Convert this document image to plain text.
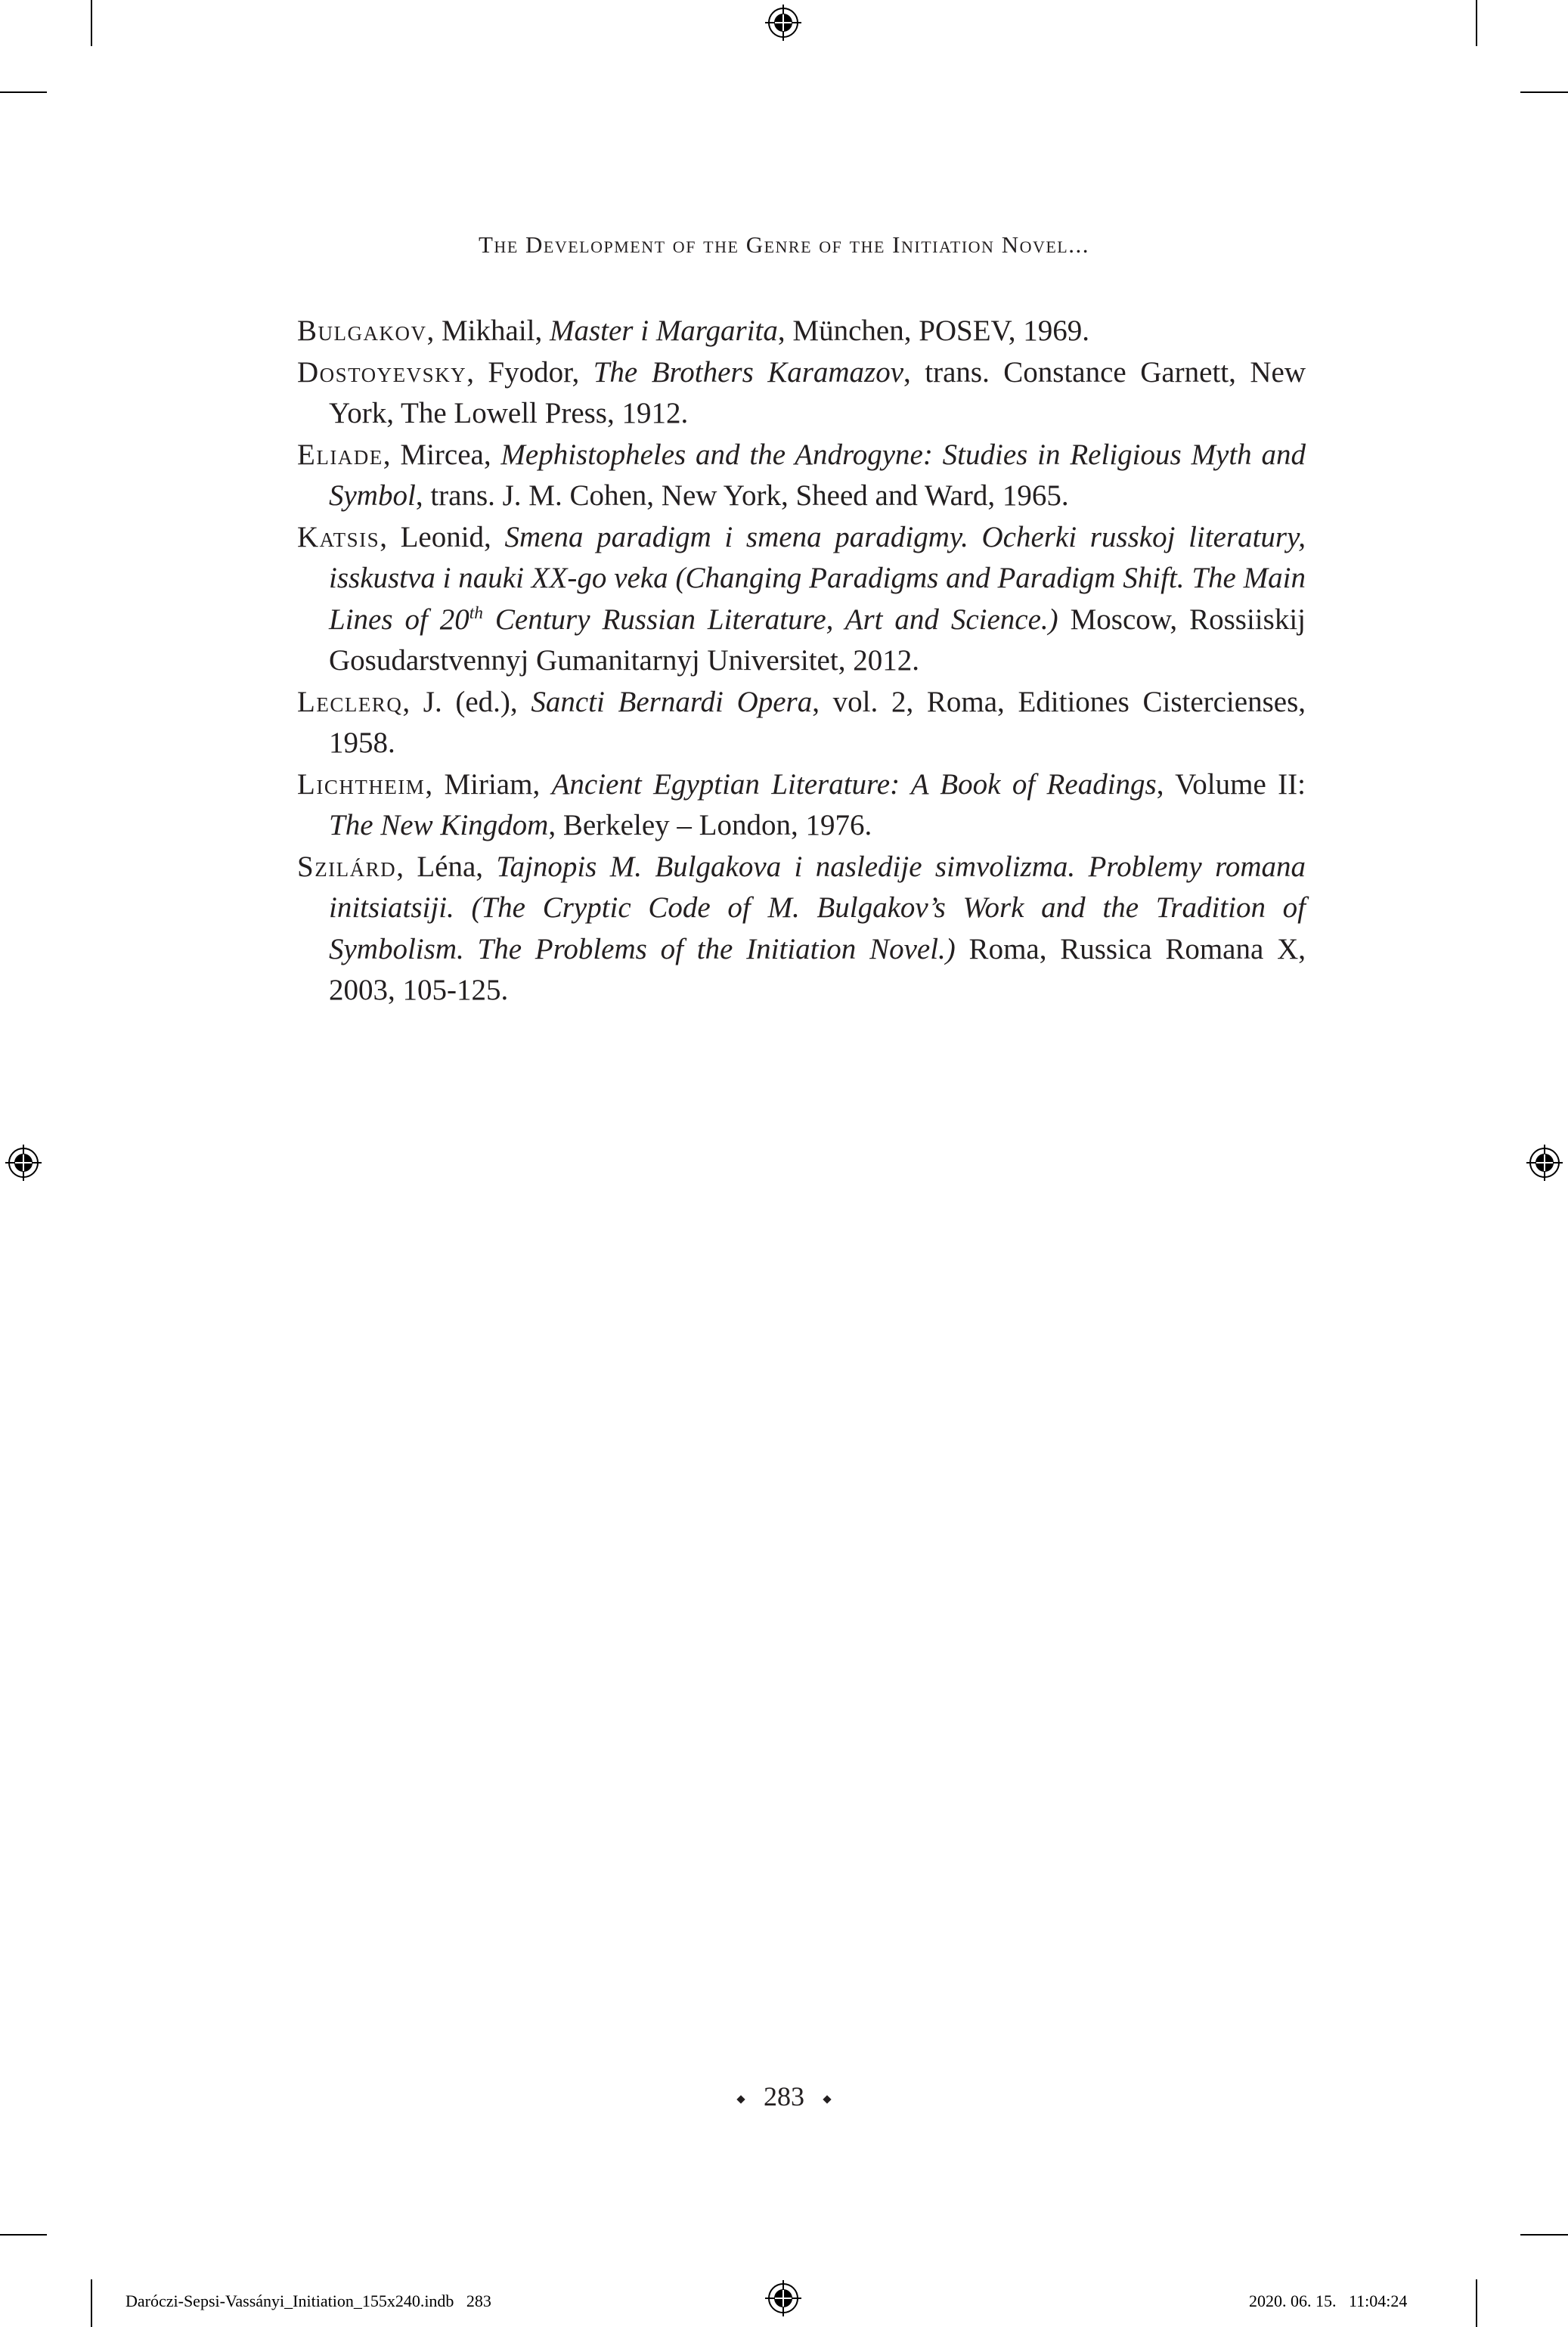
The Development of the Genre of the Initiation Novel...

Bulgakov, Mikhail, Master i Margarita, München, POSEV, 1969.

Dostoyevsky, Fyodor, The Brothers Karamazov, trans. Constance Garnett, New York, The Lowell Press, 1912.

Eliade, Mircea, Mephistopheles and the Androgyne: Studies in Religious Myth and Symbol, trans. J. M. Cohen, New York, Sheed and Ward, 1965.

Katsis, Leonid, Smena paradigm i smena paradigmy. Ocherki russkoj literatury, isskustva i nauki XX-go veka (Changing Paradigms and Paradigm Shift. The Main Lines of 20th Century Russian Literature, Art and Science.) Moscow, Rossiiskij Gosudarstvennyj Gumanitarnyj Universitet, 2012.

Leclerq, J. (ed.), Sancti Bernardi Opera, vol. 2, Roma, Editiones Cistercienses, 1958.

Lichtheim, Miriam, Ancient Egyptian Literature: A Book of Readings, Volume II: The New Kingdom, Berkeley – London, 1976.

Szilárd, Léna, Tajnopis M. Bulgakova i nasledije simvolizma. Problemy romana initsiatsiji. (The Cryptic Code of M. Bulgakov’s Work and the Tradition of Symbolism. The Problems of the Initiation Novel.) Roma, Russica Romana X, 2003, 105-125.

283
Daróczi-Sepsi-Vassányi_Initiation_155x240.indb   283	2020. 06. 15.   11:04:24
